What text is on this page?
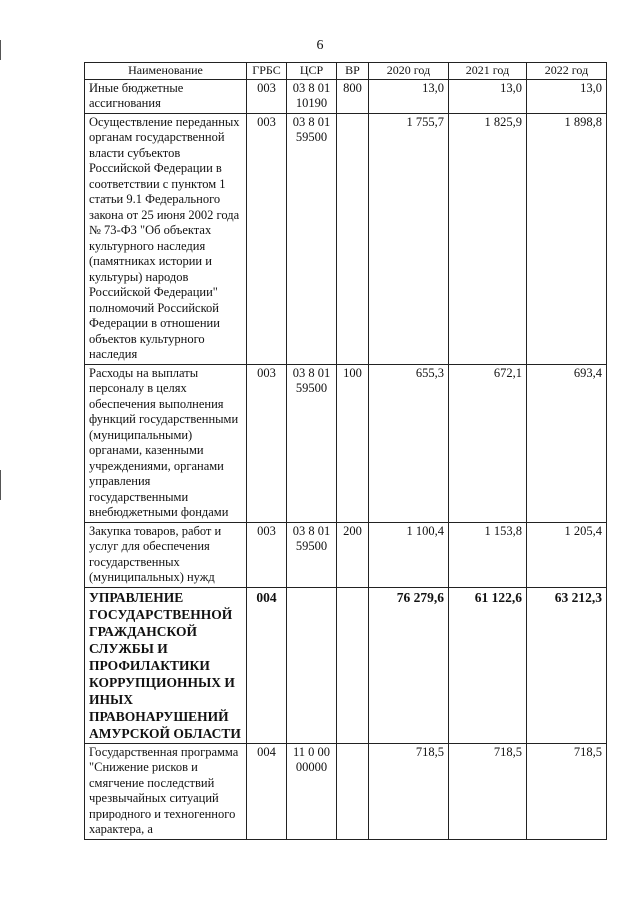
6
Наименование	ГРБС	ЦСР	ВР	2020 год	2021 год	2022 год
Иные бюджетные ассигнования	003	03 8 01 10190	800	13,0	13,0	13,0
Осуществление переданных органам государственной власти субъектов Российской Федерации в соответствии с пунктом 1 статьи 9.1 Федерального закона от 25 июня 2002 года № 73-ФЗ "Об объектах культурного наследия (памятниках истории и культуры) народов Российской Федерации" полномочий Российской Федерации в отношении объектов культурного наследия	003	03 8 01 59500		1 755,7	1 825,9	1 898,8
Расходы на выплаты персоналу в целях обеспечения выполнения функций государственными (муниципальными) органами, казенными учреждениями, органами управления государственными внебюджетными фондами	003	03 8 01 59500	100	655,3	672,1	693,4
Закупка товаров, работ и услуг для обеспечения государственных (муниципальных) нужд	003	03 8 01 59500	200	1 100,4	1 153,8	1 205,4
УПРАВЛЕНИЕ ГОСУДАРСТВЕННОЙ ГРАЖДАНСКОЙ СЛУЖБЫ И ПРОФИЛАКТИКИ КОРРУПЦИОННЫХ И ИНЫХ ПРАВОНАРУШЕНИЙ АМУРСКОЙ ОБЛАСТИ	004			76 279,6	61 122,6	63 212,3
Государственная программа "Снижение рисков и смягчение последствий чрезвычайных ситуаций природного и техногенного характера, а	004	11 0 00 00000		718,5	718,5	718,5
